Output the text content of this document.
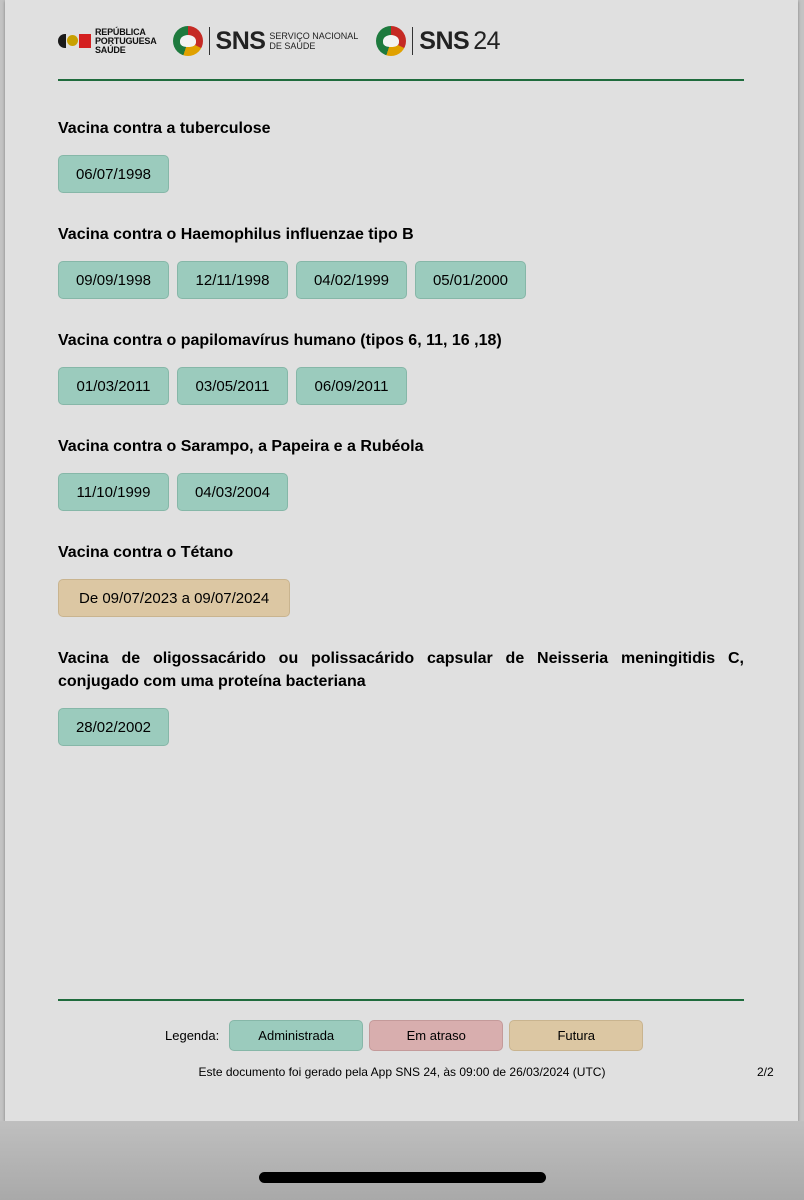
REPÚBLICA
PORTUGUESA
SAÚDE	SNS SERVIÇO NACIONAL
DE SAÚDE	SNS 24
Vacina contra a tuberculose
06/07/1998
Vacina contra o Haemophilus influenzae tipo B
09/09/1998	12/11/1998	04/02/1999	05/01/2000
Vacina contra o papilomavírus humano (tipos 6, 11, 16 ,18)
01/03/2011	03/05/2011	06/09/2011
Vacina contra o Sarampo, a Papeira e a Rubéola
11/10/1999	04/03/2004
Vacina contra o Tétano
De 09/07/2023 a 09/07/2024
Vacina de oligossacárido ou polissacárido capsular de Neisseria meningitidis C, conjugado com uma proteína bacteriana
28/02/2002
Legenda:	Administrada	Em atraso	Futura
Este documento foi gerado pela App SNS 24, às 09:00 de 26/03/2024 (UTC)	2/2
